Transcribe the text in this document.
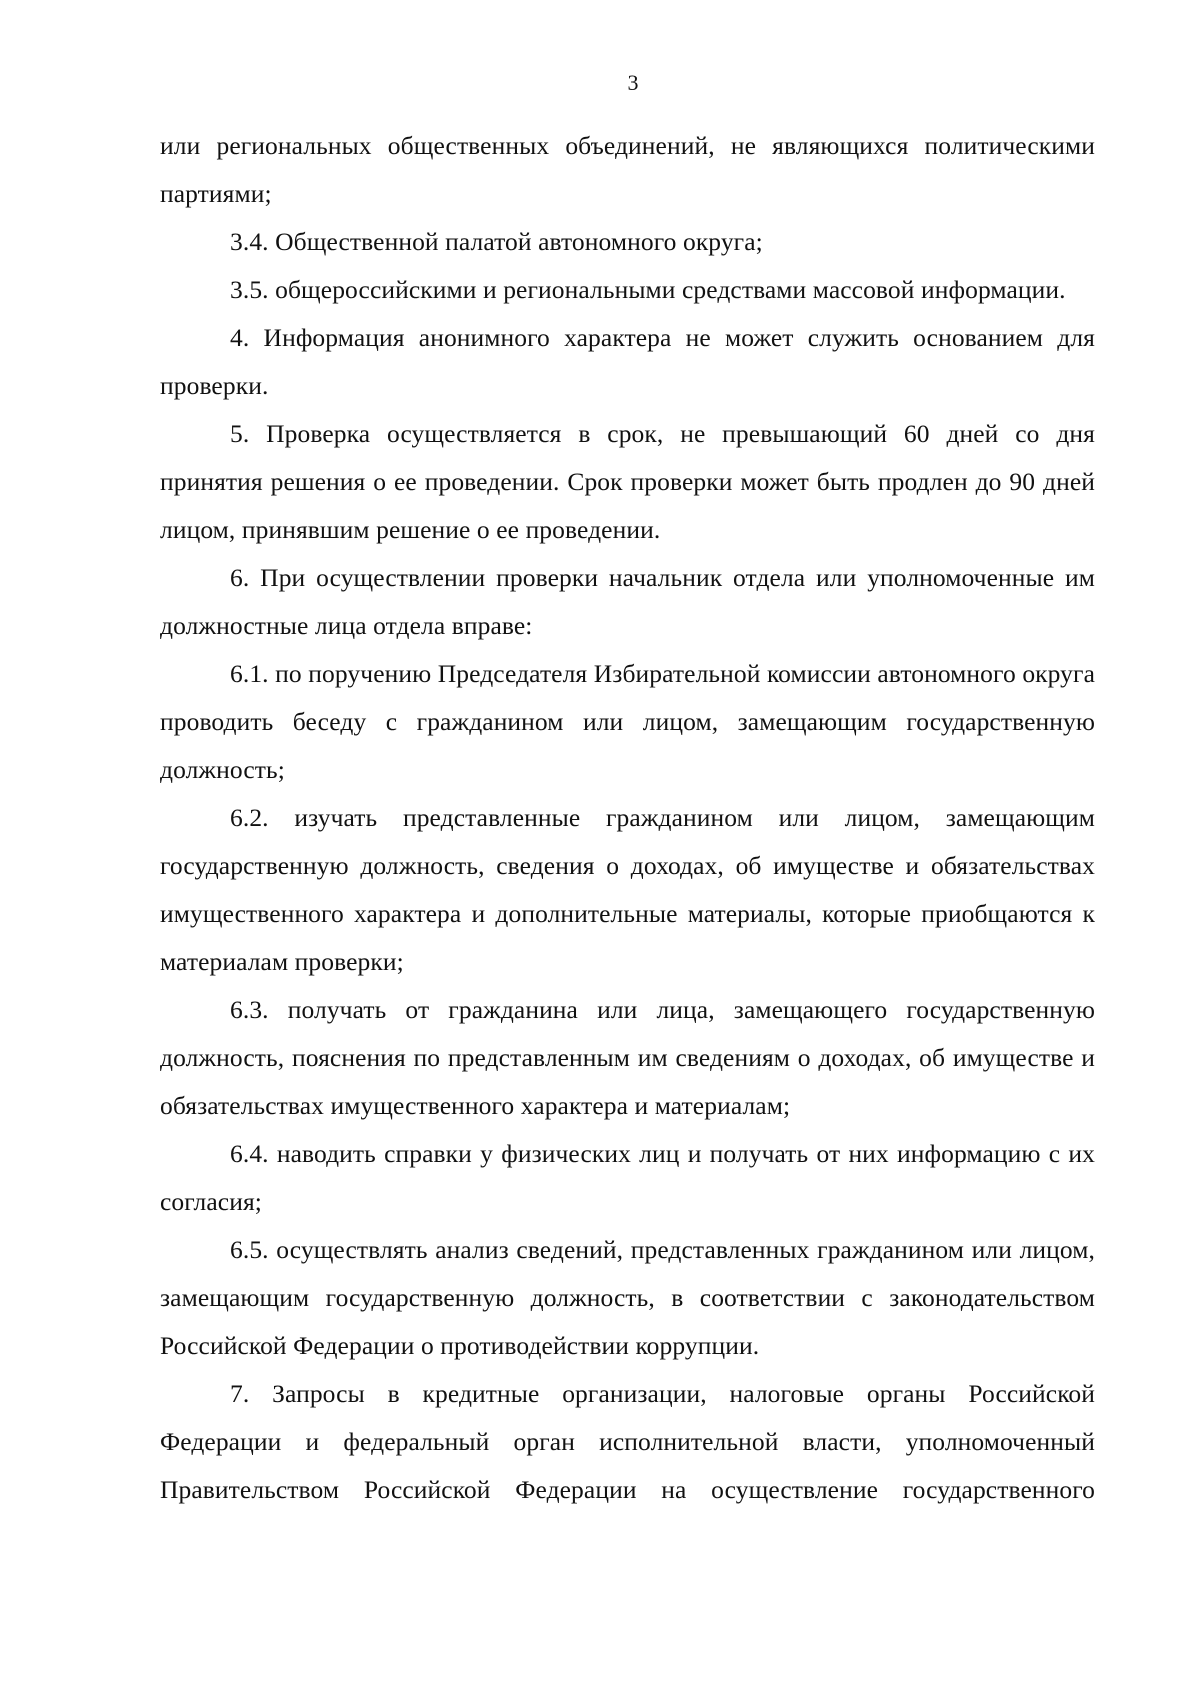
3

или региональных общественных объединений, не являющихся политическими партиями;

3.4. Общественной палатой автономного округа;

3.5. общероссийскими и региональными средствами массовой информации.

4. Информация анонимного характера не может служить основанием для проверки.

5. Проверка осуществляется в срок, не превышающий 60 дней со дня принятия решения о ее проведении. Срок проверки может быть продлен до 90 дней лицом, принявшим решение о ее проведении.

6. При осуществлении проверки начальник отдела или уполномоченные им должностные лица отдела вправе:

6.1. по поручению Председателя Избирательной комиссии автономного округа проводить беседу с гражданином или лицом, замещающим государственную должность;

6.2. изучать представленные гражданином или лицом, замещающим государственную должность, сведения о доходах, об имуществе и обязательствах имущественного характера и дополнительные материалы, которые приобщаются к материалам проверки;

6.3. получать от гражданина или лица, замещающего государственную должность, пояснения по представленным им сведениям о доходах, об имуществе и обязательствах имущественного характера и материалам;

6.4. наводить справки у физических лиц и получать от них информацию с их согласия;

6.5. осуществлять анализ сведений, представленных гражданином или лицом, замещающим государственную должность, в соответствии с законодательством Российской Федерации о противодействии коррупции.

7. Запросы в кредитные организации, налоговые органы Российской Федерации и федеральный орган исполнительной власти, уполномоченный Правительством Российской Федерации на осуществление государственного
